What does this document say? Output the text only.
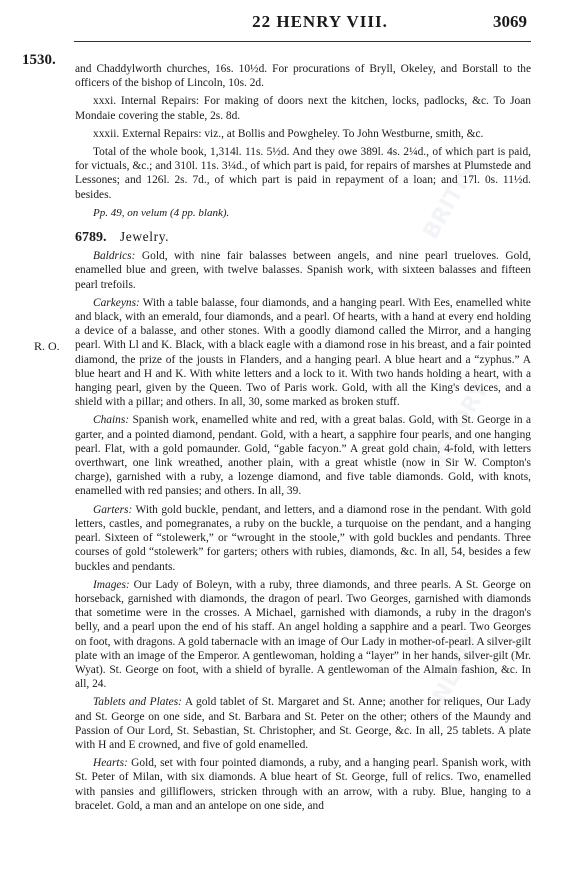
BRITISH
HISTORY
ONLINE
22 HENRY VIII.	3069
1530.
R. O.

and Chaddylworth churches, 16s. 10½d. For procurations of Bryll, Okeley, and Borstall to the officers of the bishop of Lincoln, 10s. 2d.

xxxi. Internal Repairs: For making of doors next the kitchen, locks, padlocks, &c. To Joan Mondaie covering the stable, 2s. 8d.

xxxii. External Repairs: viz., at Bollis and Powgheley. To John Westburne, smith, &c.

Total of the whole book, 1,314l. 11s. 5½d. And they owe 389l. 4s. 2¼d., of which part is paid, for victuals, &c.; and 310l. 11s. 3¼d., of which part is paid, for repairs of marshes at Plumstede and Lessones; and 126l. 2s. 7d., of which part is paid in repayment of a loan; and 17l. 0s. 11½d. besides.

Pp. 49, on velum (4 pp. blank).

6789. Jewelry.

Baldrics: Gold, with nine fair balasses between angels, and nine pearl trueloves. Gold, enamelled blue and green, with twelve balasses. Spanish work, with sixteen balasses and fifteen pearl trefoils.

Carkeyns: With a table balasse, four diamonds, and a hanging pearl. With Ees, enamelled white and black, with an emerald, four diamonds, and a pearl. Of hearts, with a hand at every end holding a device of a balasse, and other stones. With a goodly diamond called the Mirror, and a hanging pearl. With Ll and K. Black, with a black eagle with a diamond rose in his breast, and a fair pointed diamond, the prize of the jousts in Flanders, and a hanging pearl. A blue heart and a “zyphus.” A blue heart and H and K. With white letters and a lock to it. With two hands holding a heart, with a hanging pearl, given by the Queen. Two of Paris work. Gold, with all the King's devices, and a shield with a pillar; and others. In all, 30, some marked as broken stuff.

Chains: Spanish work, enamelled white and red, with a great balas. Gold, with St. George in a garter, and a pointed diamond, pendant. Gold, with a heart, a sapphire four pearls, and one hanging pearl. Flat, with a gold pomaunder. Gold, “gable facyon.” A great gold chain, 4-fold, with letters overthwart, one link wreathed, another plain, with a great whistle (now in Sir W. Compton's charge), garnished with a ruby, a lozenge diamond, and five table diamonds. Gold, with knots, enamelled with red pansies; and others. In all, 39.

Garters: With gold buckle, pendant, and letters, and a diamond rose in the pendant. With gold letters, castles, and pomegranates, a ruby on the buckle, a turquoise on the pendant, and a hanging pearl. Sixteen of “stolewerk,” or “wrought in the stoole,” with gold buckles and pendants. Three courses of gold “stolewerk” for garters; others with rubies, diamonds, &c. In all, 54, besides a few buckles and pendants.

Images: Our Lady of Boleyn, with a ruby, three diamonds, and three pearls. A St. George on horseback, garnished with diamonds, the dragon of pearl. Two Georges, garnished with diamonds that sometime were in the crosses. A Michael, garnished with diamonds, a ruby in the dragon's belly, and a pearl upon the end of his staff. An angel holding a sapphire and a pearl. Two Georges on foot, with dragons. A gold tabernacle with an image of Our Lady in mother-of-pearl. A silver-gilt plate with an image of the Emperor. A gentlewoman, holding a “layer” in her hands, silver-gilt (Mr. Wyat). St. George on foot, with a shield of byralle. A gentlewoman of the Almain fashion, &c. In all, 24.

Tablets and Plates: A gold tablet of St. Margaret and St. Anne; another for reliques, Our Lady and St. George on one side, and St. Barbara and St. Peter on the other; others of the Maundy and Passion of Our Lord, St. Sebastian, St. Christopher, and St. George, &c. In all, 25 tablets. A plate with H and E crowned, and five of gold enamelled.

Hearts: Gold, set with four pointed diamonds, a ruby, and a hanging pearl. Spanish work, with St. Peter of Milan, with six diamonds. A blue heart of St. George, full of relics. Two, enamelled with pansies and gilliflowers, stricken through with an arrow, with a ruby. Blue, hanging to a bracelet. Gold, a man and an antelope on one side, and
